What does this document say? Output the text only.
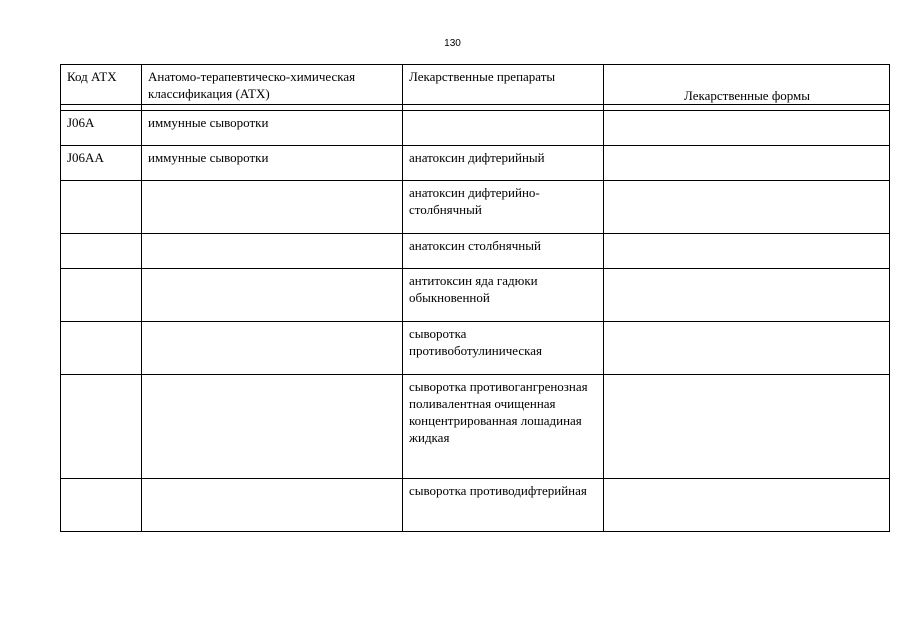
130
Код АТХ	Анатомо-терапевтическо-химическая классификация (АТХ)	Лекарственные препараты	Лекарственные формы

J06A	иммунные сыворотки		
J06AA	иммунные сыворотки	анатоксин дифтерийный	
		анатоксин дифтерийно-столбнячный	
		анатоксин столбнячный	
		антитоксин яда гадюки обыкновенной	
		сыворотка противоботулиническая	
		сыворотка противогангренозная поливалентная очищенная концентрированная лошадиная жидкая	
		сыворотка противодифтерийная	
